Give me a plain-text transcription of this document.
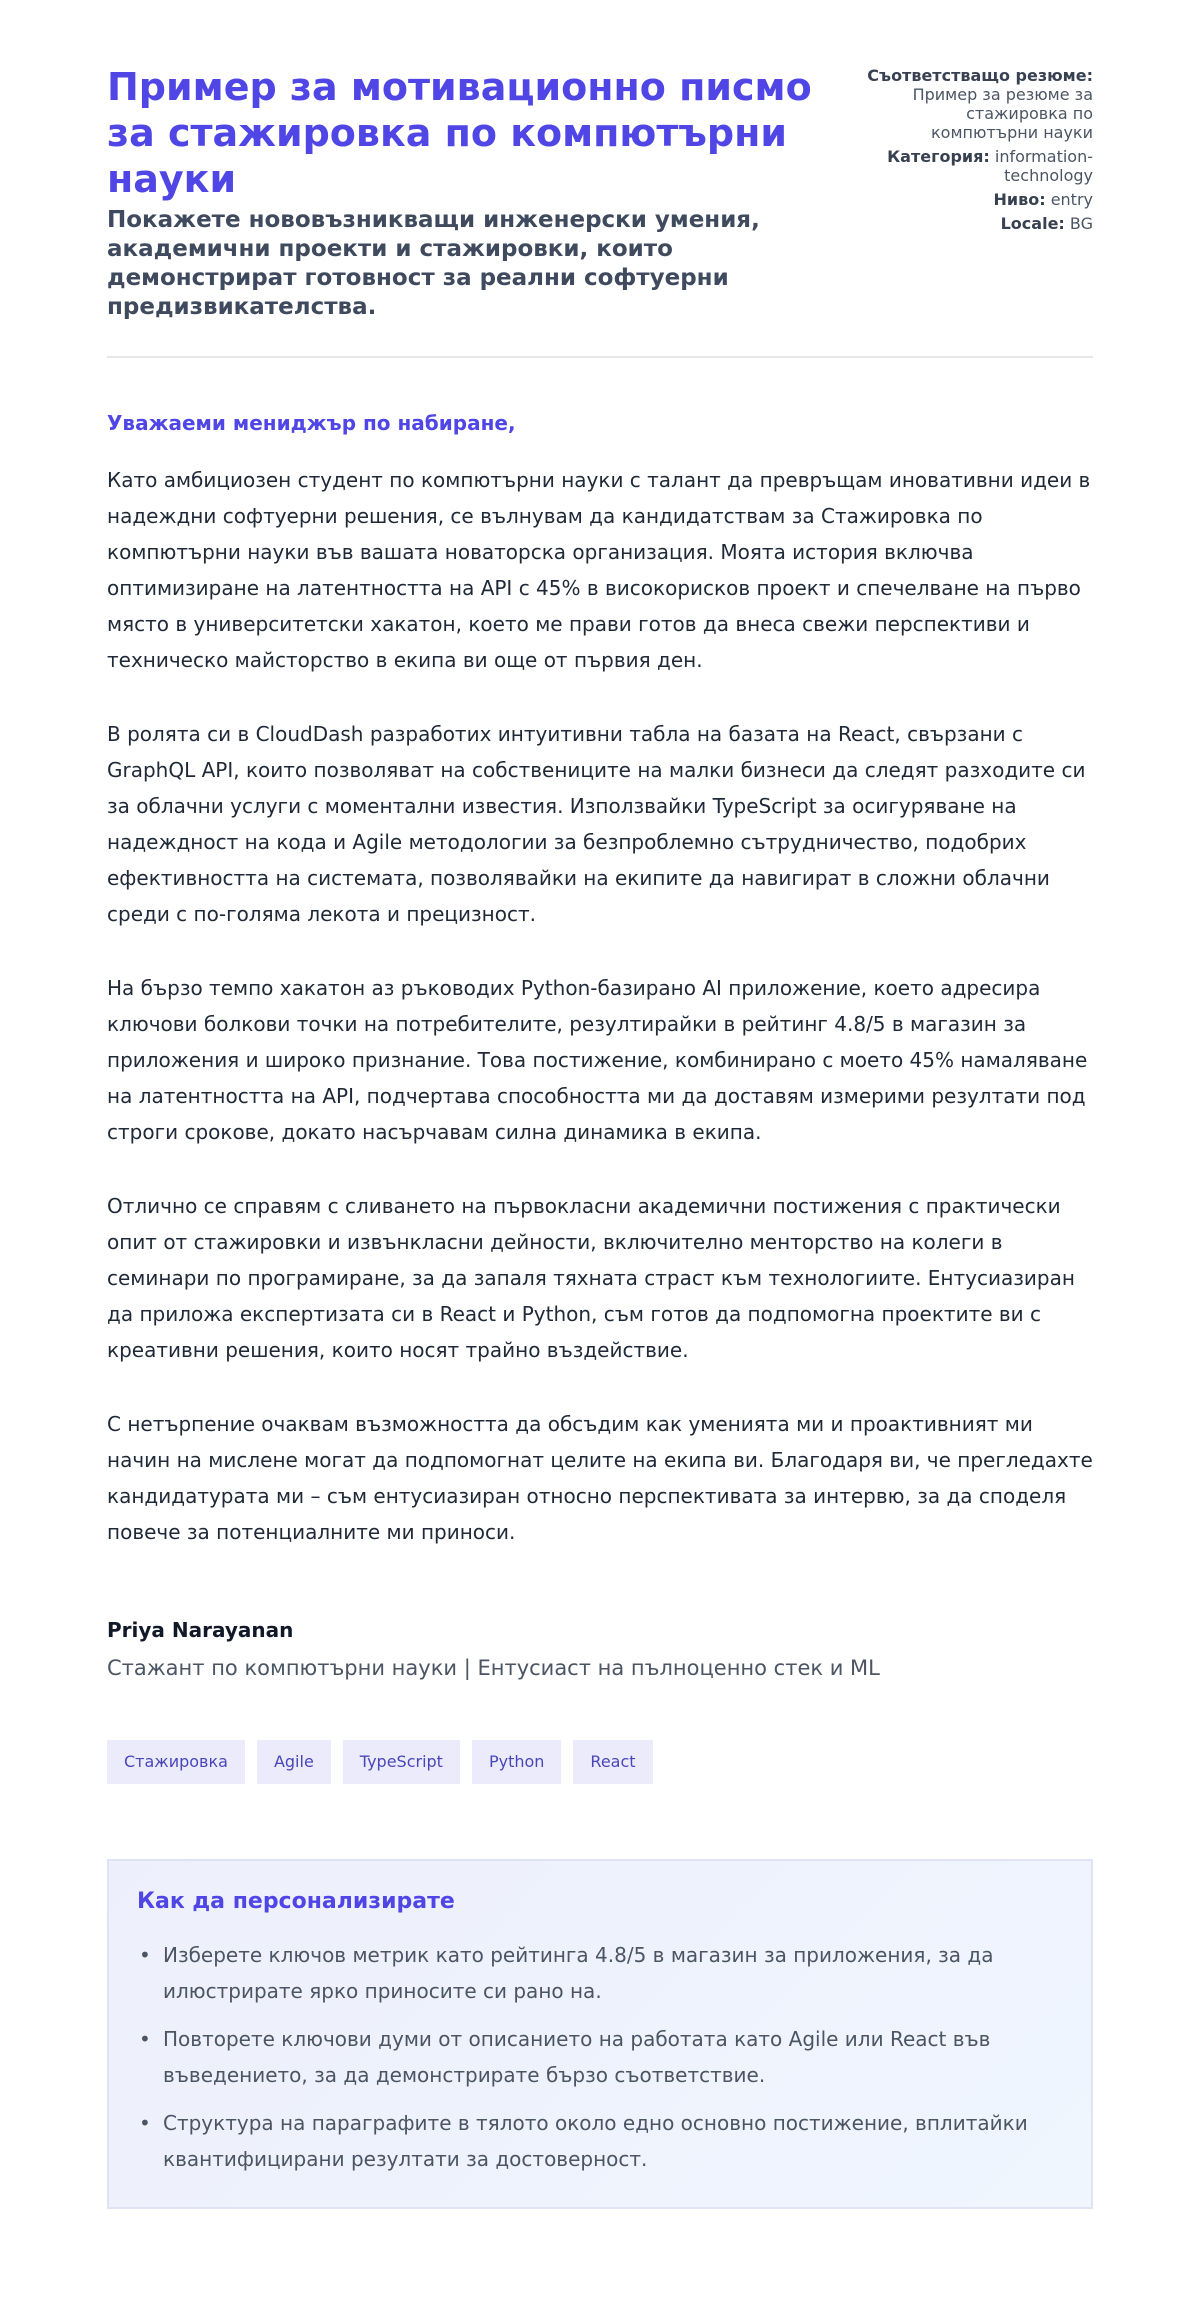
Пример за мотивационно писмо за стажировка по компютърни науки
Покажете нововъзникващи инженерски умения, академични проекти и стажировки, които демонстрират готовност за реални софтуерни предизвикателства.
Съответстващо резюме: Пример за резюме за стажировка по компютърни науки
Категория: information-technology
Ниво: entry
Locale: BG

Уважаеми мениджър по набиране,

Като амбициозен студент по компютърни науки с талант да превръщам иновативни идеи в надеждни софтуерни решения, се вълнувам да кандидатствам за Стажировка по компютърни науки във вашата новаторска организация. Моята история включва оптимизиране на латентността на API с 45% в високорисков проект и спечелване на първо място в университетски хакатон, което ме прави готов да внеса свежи перспективи и техническо майсторство в екипа ви още от първия ден.

В ролята си в CloudDash разработих интуитивни табла на базата на React, свързани с GraphQL API, които позволяват на собствениците на малки бизнеси да следят разходите си за облачни услуги с моментални известия. Използвайки TypeScript за осигуряване на надеждност на кода и Agile методологии за безпроблемно сътрудничество, подобрих ефективността на системата, позволявайки на екипите да навигират в сложни облачни среди с по-голяма лекота и прецизност.

На бързо темпо хакатон аз ръководих Python-базирано AI приложение, което адресира ключови болкови точки на потребителите, резултирайки в рейтинг 4.8/5 в магазин за приложения и широко признание. Това постижение, комбинирано с моето 45% намаляване на латентността на API, подчертава способността ми да доставям измерими резултати под строги срокове, докато насърчавам силна динамика в екипа.

Отлично се справям с сливането на първокласни академични постижения с практически опит от стажировки и извънкласни дейности, включително менторство на колеги в семинари по програмиране, за да запаля тяхната страст към технологиите. Ентусиазиран да приложа експертизата си в React и Python, съм готов да подпомогна проектите ви с креативни решения, които носят трайно въздействие.

С нетърпение очаквам възможността да обсъдим как уменията ми и проактивният ми начин на мислене могат да подпомогнат целите на екипа ви. Благодаря ви, че прегледахте кандидатурата ми – съм ентусиазиран относно перспективата за интервю, за да споделя повече за потенциалните ми приноси.

Priya Narayanan
Стажант по компютърни науки | Ентусиаст на пълноценно стек и ML
Стажировка	Agile	TypeScript	Python	React
Как да персонализирате
• Изберете ключов метрик като рейтинга 4.8/5 в магазин за приложения, за да илюстрирате ярко приносите си рано на.
• Повторете ключови думи от описанието на работата като Agile или React във въведението, за да демонстрирате бързо съответствие.
• Структура на параграфите в тялото около едно основно постижение, вплитайки квантифицирани резултати за достоверност.
